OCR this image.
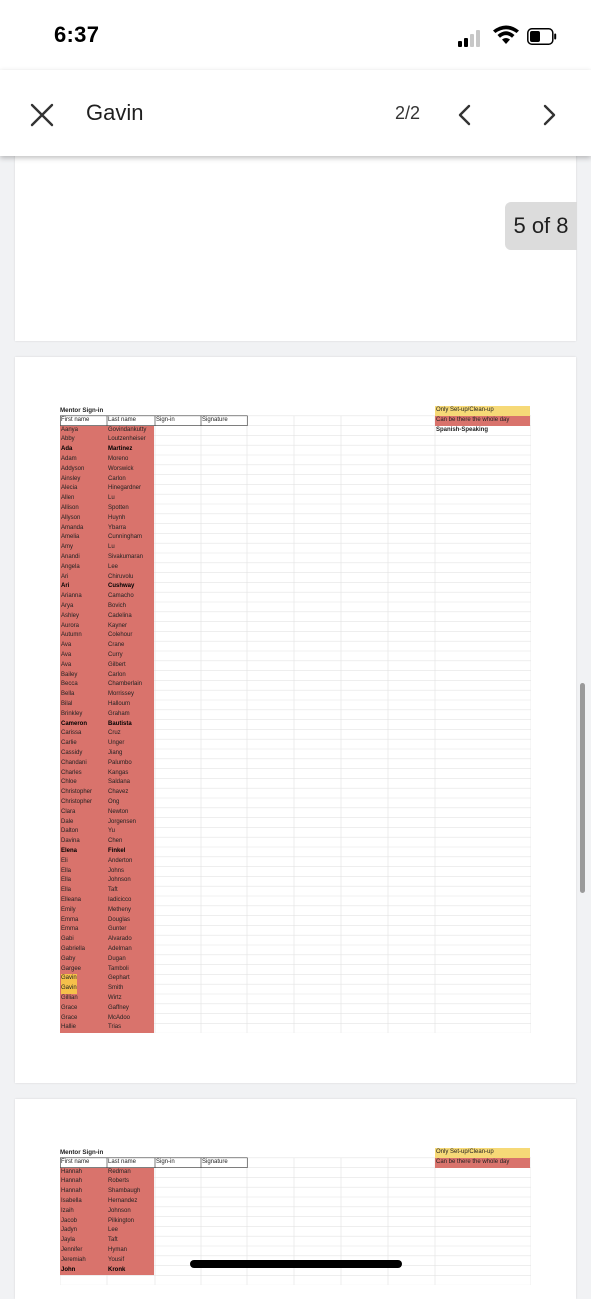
6:37
Gavin	2/2
5 of 8
Mentor Sign-in
First name	Last name	Sign-in	Signature
Only Set-up/Clean-up
Can be there the whole day
Spanish-Speaking
Aanya	Govindankutty
Abby	Loutzenheiser
Ada	Martinez
Adam	Moreno
Addyson	Worswick
Ainsley	Carlon
Alecia	Hinegardner
Allen	Lu
Allison	Spotten
Allyson	Huynh
Amanda	Ybarra
Amelia	Cunningham
Amy	Lu
Anandi	Sivakumaran
Angela	Lee
Ari	Chiruvolu
Ari	Cushway
Arianna	Camacho
Arya	Bovich
Ashley	Cadelina
Aurora	Kayner
Autumn	Colehour
Ava	Crane
Ava	Curry
Ava	Gilbert
Bailey	Carlon
Becca	Chamberlain
Bella	Morrissey
Bilal	Halloum
Brinkley	Graham
Cameron	Bautista
Carissa	Cruz
Carlie	Unger
Cassidy	Jiang
Chandani	Palumbo
Charles	Kangas
Chloe	Saldana
Christopher	Chavez
Christopher	Ong
Clara	Newton
Dale	Jorgensen
Dalton	Yu
Davina	Chen
Elena	Finkel
Eli	Anderton
Ella	Johns
Ella	Johnson
Ella	Taft
Elleana	Iadicicco
Emily	Metheny
Emma	Douglas
Emma	Gunter
Gabi	Alvarado
Gabriella	Adelman
Gaby	Dugan
Gargee	Tamboli
Gavin	Gephart
Gavin	Smith
Gillian	Wirtz
Grace	Gaffney
Grace	McAdoo
Hallie	Trias
Mentor Sign-in
First name	Last name	Sign-in	Signature
Only Set-up/Clean-up
Can be there the whole day
Hannah	Redman
Hannah	Roberts
Hannah	Shambaugh
Isabella	Hernandez
Izaih	Johnson
Jacob	Pilkington
Jadyn	Lee
Jayla	Taft
Jennifer	Hyman
Jeremiah	Yousif
John	Kronk
